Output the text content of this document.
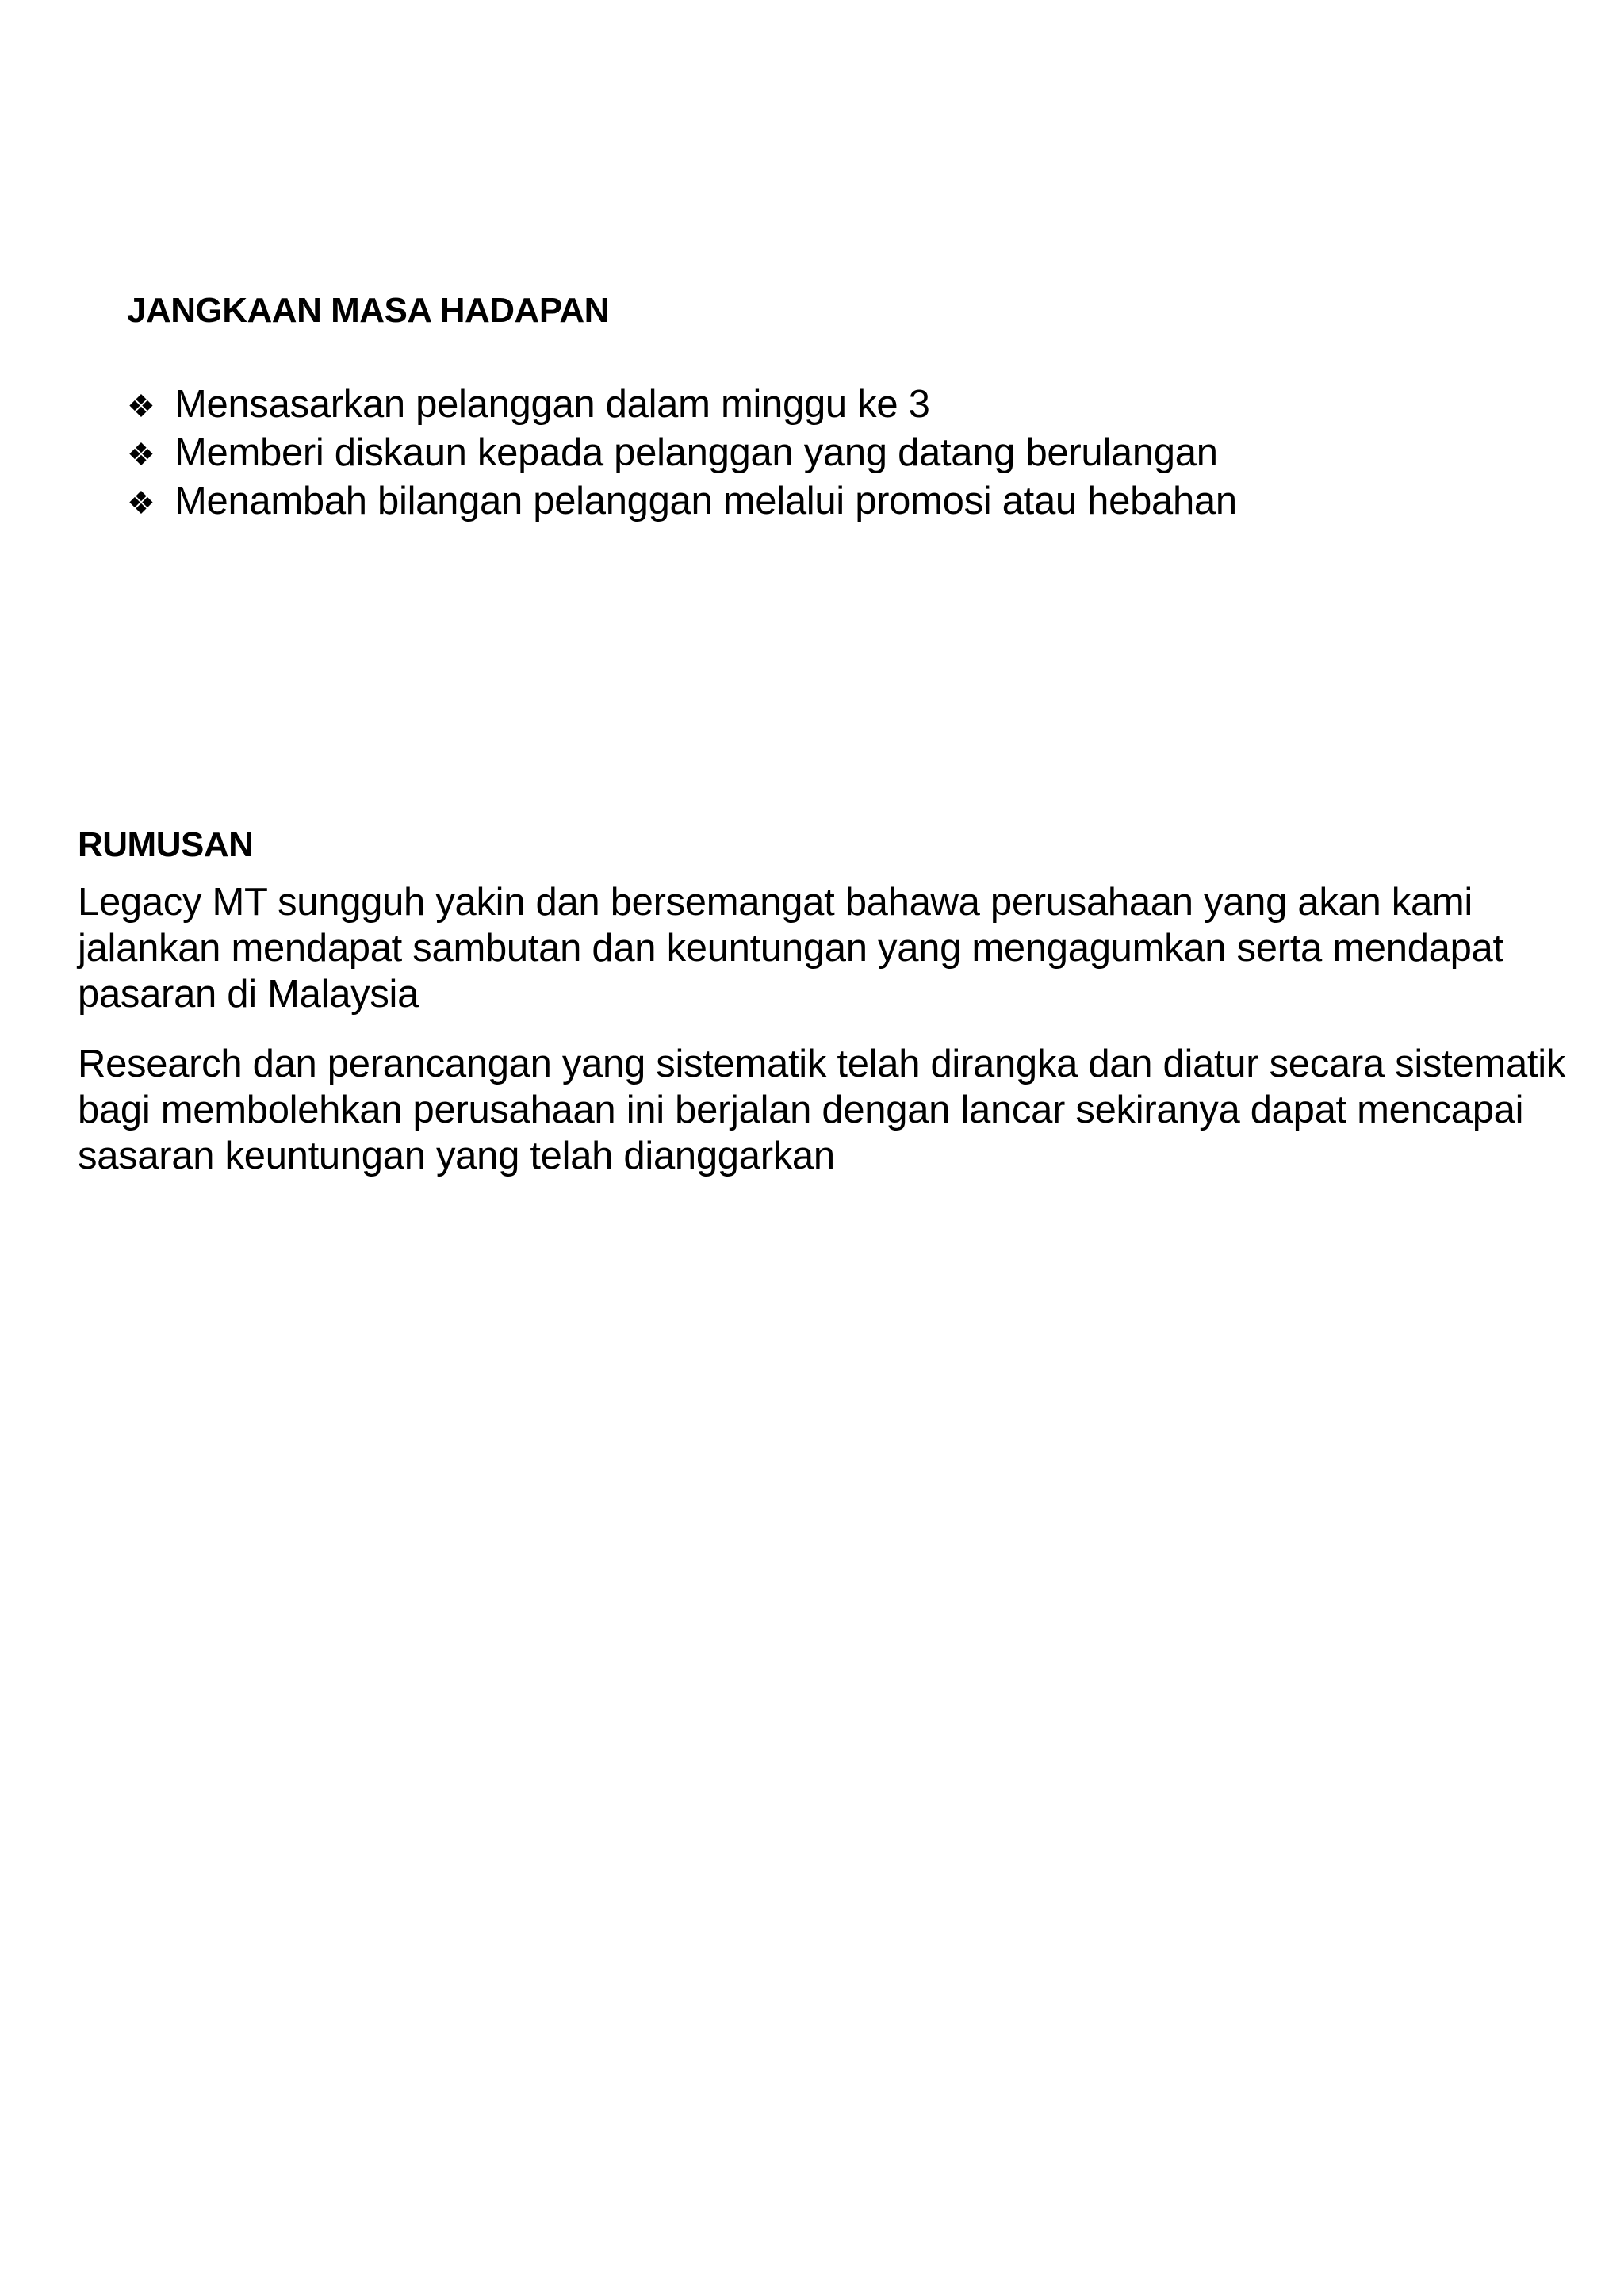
JANGKAAN MASA HADAPAN
❖ Mensasarkan pelanggan dalam minggu ke 3
❖ Memberi diskaun kepada pelanggan yang datang berulangan
❖ Menambah bilangan pelanggan melalui promosi atau hebahan
RUMUSAN

Legacy MT sungguh yakin dan bersemangat bahawa perusahaan yang akan kami jalankan mendapat sambutan dan keuntungan yang mengagumkan serta mendapat pasaran di Malaysia

Research dan perancangan yang sistematik telah dirangka dan diatur secara sistematik bagi membolehkan perusahaan ini berjalan dengan lancar sekiranya dapat mencapai sasaran keuntungan yang telah dianggarkan
